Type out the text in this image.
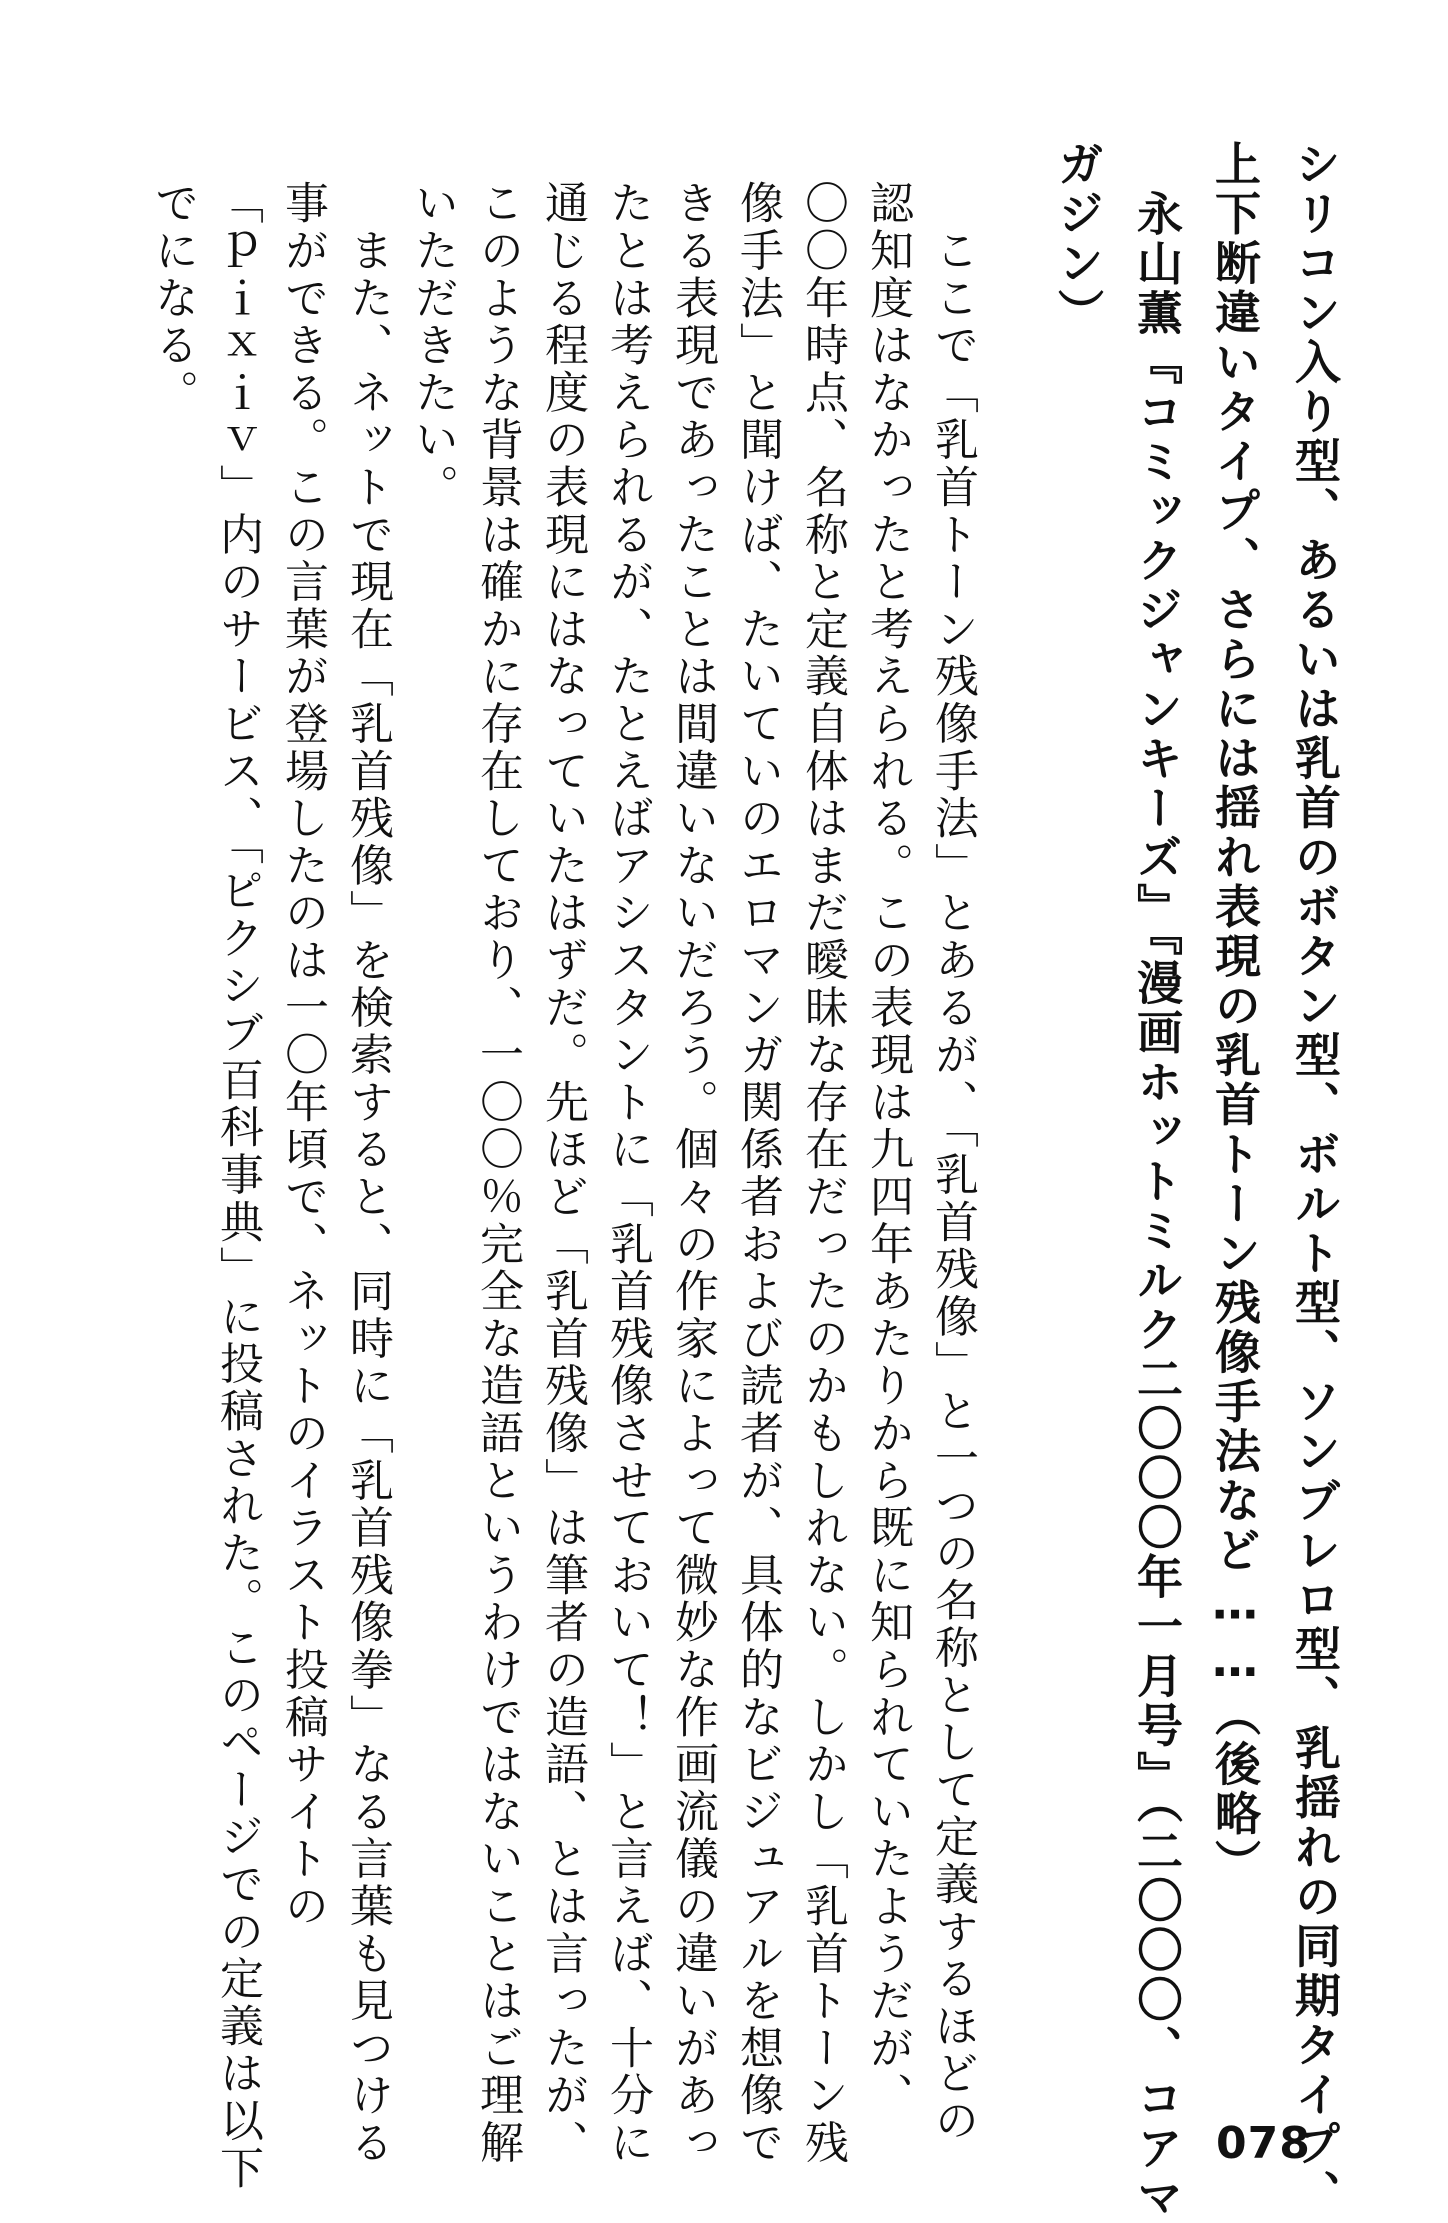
シリコン入り型、あるいは乳首のボタン型、ボルト型、ソンブレロ型、乳揺れの同期タイプ、
上下断違いタイプ、さらには揺れ表現の乳首トーン残像手法など……（後略）
永山薫『コミックジャンキーズ』『漫画ホットミルク二〇〇〇年一月号』（二〇〇〇、コアマ
ガジン）
078
　ここで「乳首トーン残像手法」とあるが、「乳首残像」と一つの名称として定義するほどの
認知度はなかったと考えられる。この表現は九四年あたりから既に知られていたようだが、
〇〇年時点、名称と定義自体はまだ曖昧な存在だったのかもしれない。しかし「乳首トーン残
像手法」と聞けば、たいていのエロマンガ関係者および読者が、具体的なビジュアルを想像で
きる表現であったことは間違いないだろう。個々の作家によって微妙な作画流儀の違いがあっ
たとは考えられるが、たとえばアシスタントに「乳首残像させておいて！」と言えば、十分に
通じる程度の表現にはなっていたはずだ。先ほど「乳首残像」は筆者の造語、とは言ったが、
このような背景は確かに存在しており、一〇〇％完全な造語というわけではないことはご理解
いただきたい。
　また、ネットで現在「乳首残像」を検索すると、同時に「乳首残像拳」なる言葉も見つける
事ができる。この言葉が登場したのは一〇年頃で、ネットのイラスト投稿サイトの
「ｐｉｘｉｖ」内のサービス、「ピクシブ百科事典」に投稿された。このページでの定義は以下
でになる。
